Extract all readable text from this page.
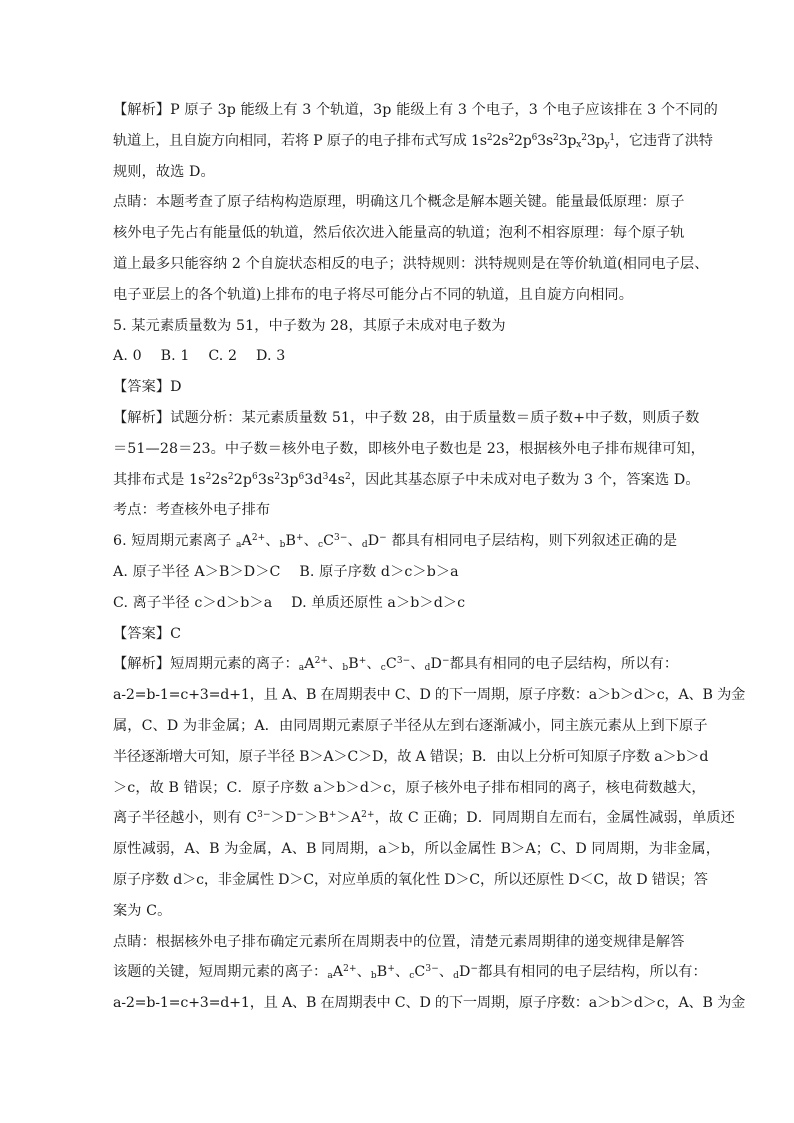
【解析】P 原子 3p 能级上有 3 个轨道，3p 能级上有 3 个电子，3 个电子应该排在 3 个不同的
轨道上，且自旋方向相同，若将 P 原子的电子排布式写成 $1s^22s^22p^63s^23p_x^23p_y^1$，它违背了洪特
规则，故选 D。
点睛：本题考查了原子结构构造原理，明确这几个概念是解本题关键。能量最低原理：原子
核外电子先占有能量低的轨道，然后依次进入能量高的轨道；泡利不相容原理：每个原子轨
道上最多只能容纳 2 个自旋状态相反的电子；洪特规则：洪特规则是在等价轨道(相同电子层、
电子亚层上的各个轨道)上排布的电子将尽可能分占不同的轨道，且自旋方向相同。
5. 某元素质量数为 51，中子数为 28，其原子未成对电子数为
A. 0　 B. 1　 C. 2　 D. 3
【答案】D
【解析】试题分析：某元素质量数 51，中子数 28，由于质量数＝质子数+中子数，则质子数
＝51—28＝23。中子数＝核外电子数，即核外电子数也是 23，根据核外电子排布规律可知，
其排布式是 $1s^22s^22p^63s^23p^63d^34s^2$，因此其基态原子中未成对电子数为 3 个，答案选 D。
考点：考查核外电子排布
6. 短周期元素离子 $_aA^{2+}$、$_b$B+、$_cC^{3-}$、$_d$D− 都具有相同电子层结构，则下列叙述正确的是
A. 原子半径 A＞B＞D＞C　 B. 原子序数 d＞c＞b＞a
C. 离子半径 c＞d＞b＞a　 D. 单质还原性 a＞b＞d＞c
【答案】C
【解析】短周期元素的离子：$_aA^{2+}$、$_b$B+、$_cC^{3-}$、$_d$D−都具有相同的电子层结构，所以有：
a-2=b-1=c+3=d+1，且 A、B 在周期表中 C、D 的下一周期，原子序数：a＞b＞d＞c，A、B 为金
属，C、D 为非金属；A．由同周期元素原子半径从左到右逐渐减小，同主族元素从上到下原子
半径逐渐增大可知，原子半径 B＞A＞C＞D，故 A 错误；B．由以上分析可知原子序数 a＞b＞d
＞c，故 B 错误；C．原子序数 a＞b＞d＞c，原子核外电子排布相同的离子，核电荷数越大，
离子半径越小，则有 $C^{3-}>D^->B^+>A^{2+}$，故 C 正确；D．同周期自左而右，金属性减弱，单质还
原性减弱，A、B 为金属，A、B 同周期，a＞b，所以金属性 B＞A；C、D 同周期，为非金属，
原子序数 d＞c，非金属性 D＞C，对应单质的氧化性 D＞C，所以还原性 D＜C，故 D 错误；答
案为 C。
点睛：根据核外电子排布确定元素所在周期表中的位置，清楚元素周期律的递变规律是解答
该题的关键，短周期元素的离子：$_aA^{2+}$、$_b$B+、$_cC^{3-}$、$_d$D−都具有相同的电子层结构，所以有：
a-2=b-1=c+3=d+1，且 A、B 在周期表中 C、D 的下一周期，原子序数：a＞b＞d＞c，A、B 为金
